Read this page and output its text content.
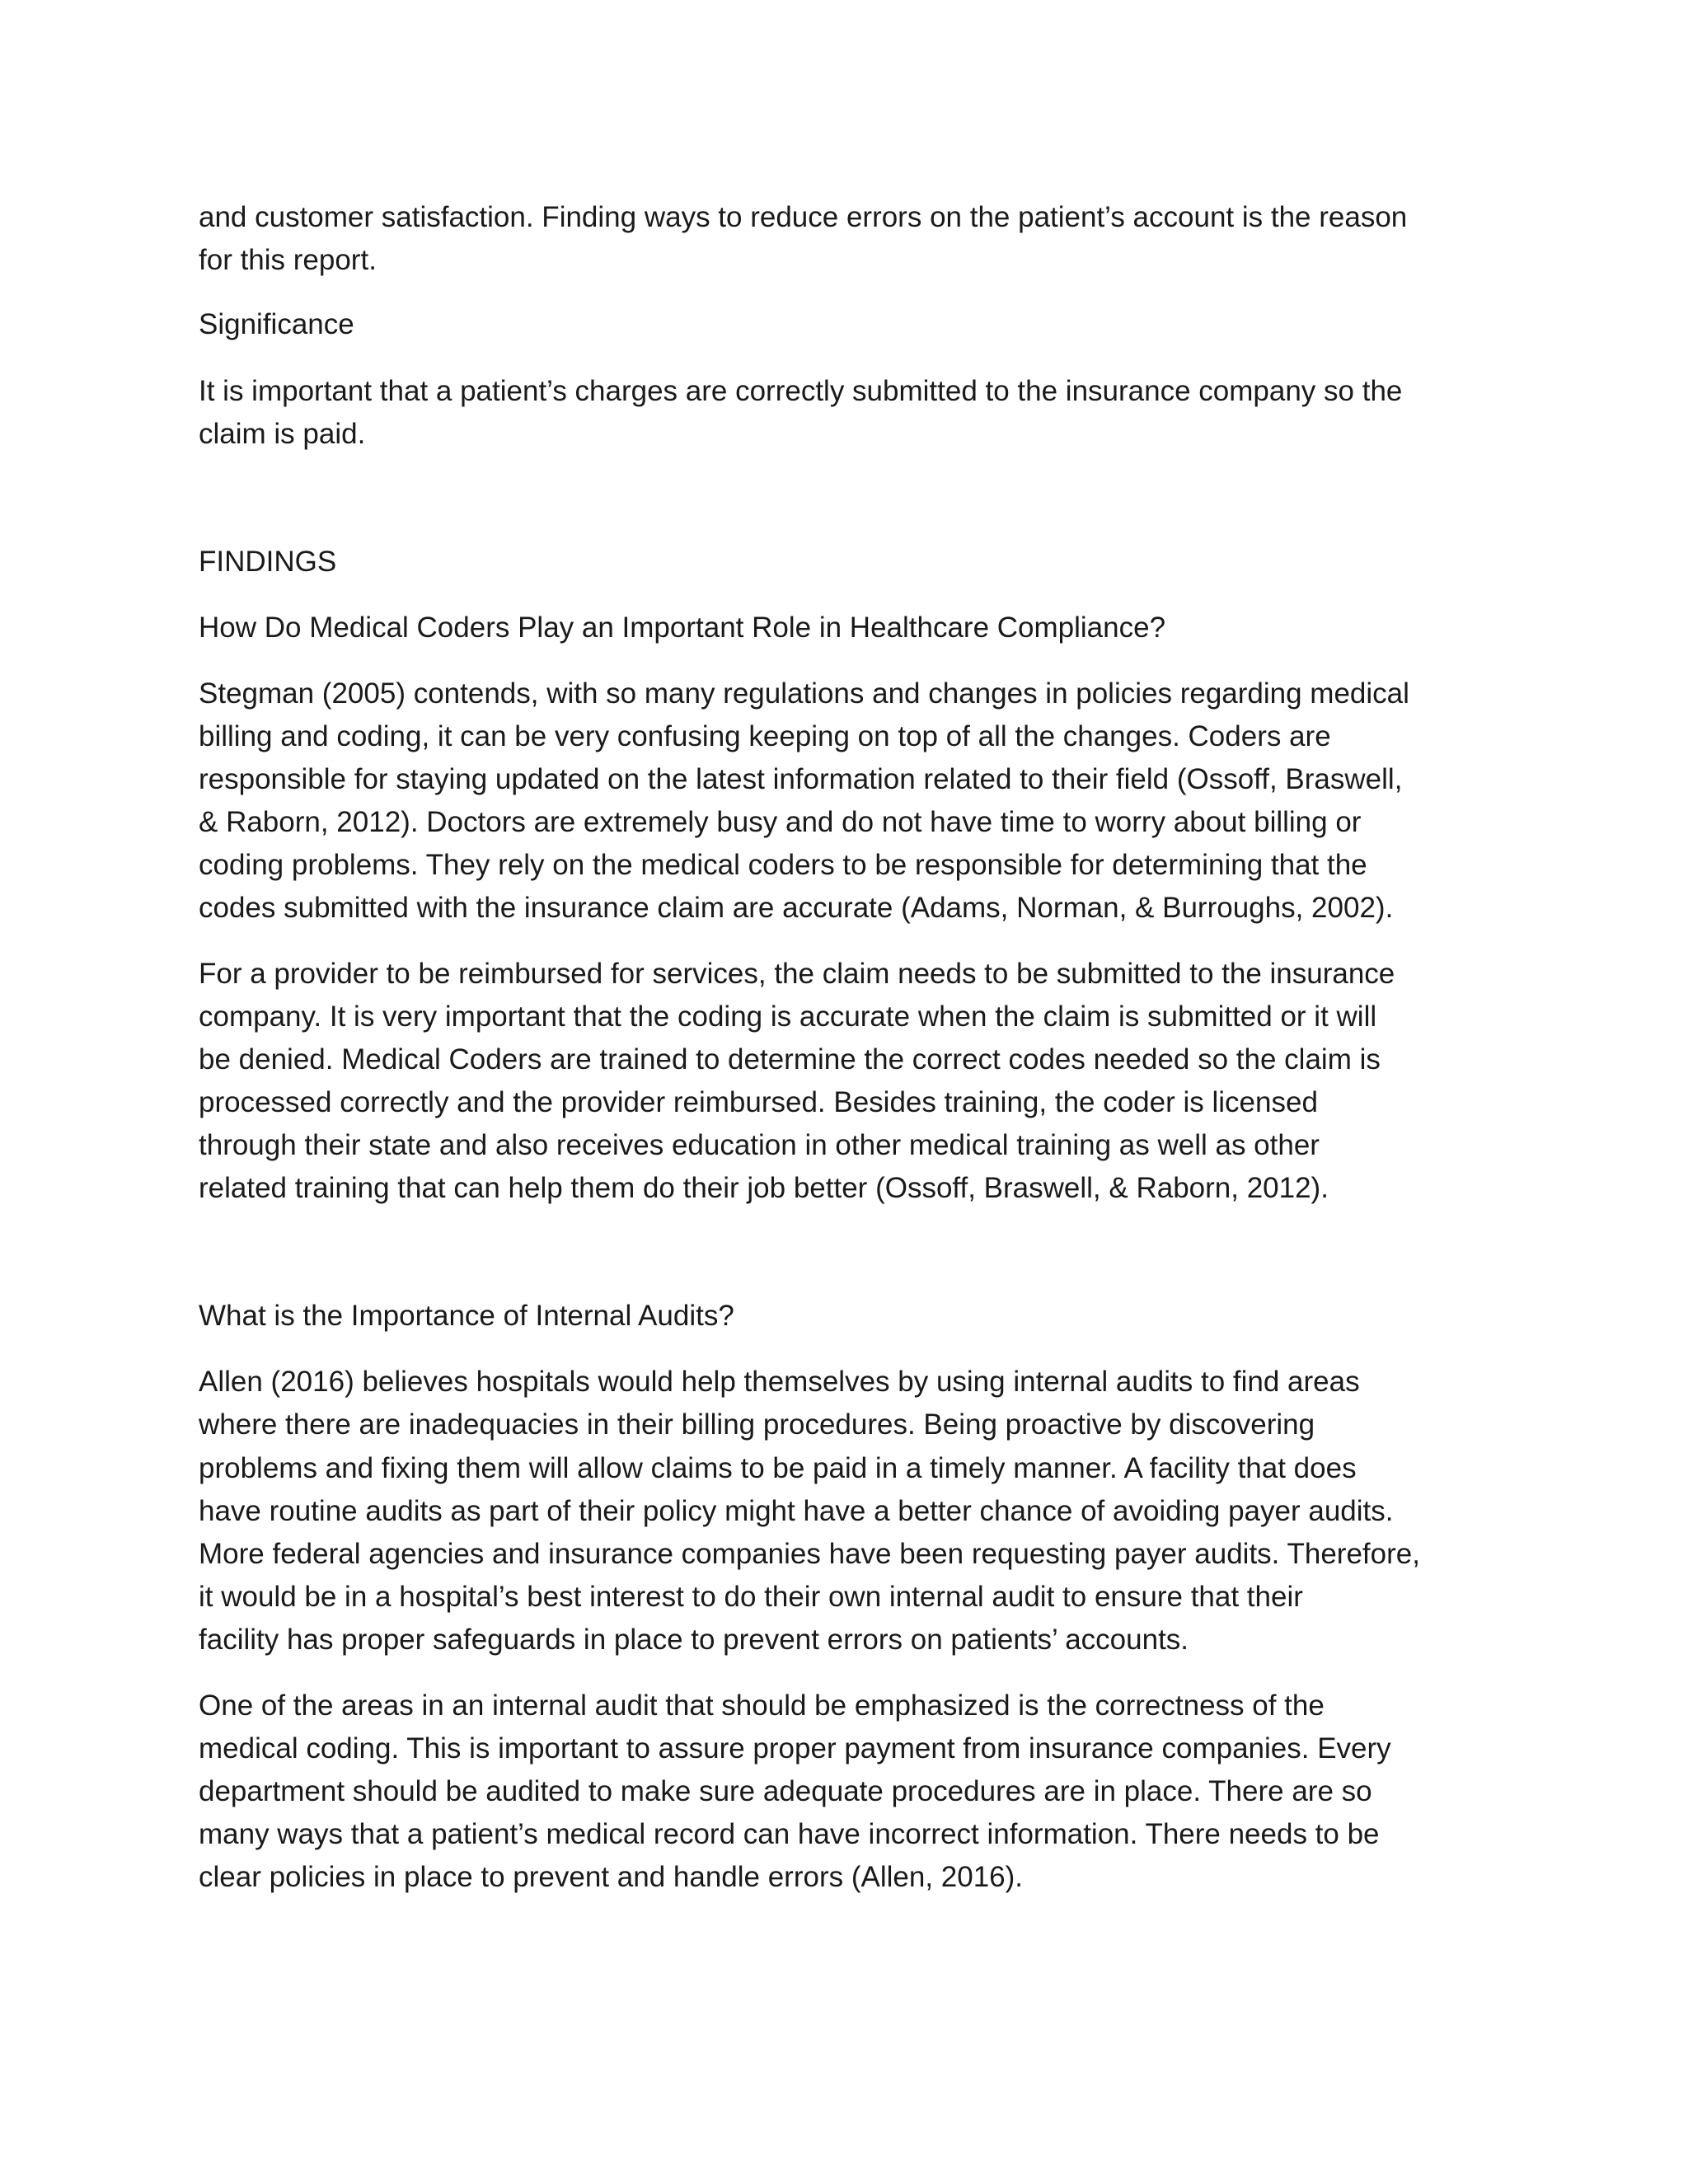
and customer satisfaction. Finding ways to reduce errors on the patient’s account is the reason

for this report.

Significance

It is important that a patient’s charges are correctly submitted to the insurance company so the

claim is paid.

FINDINGS

How Do Medical Coders Play an Important Role in Healthcare Compliance?

Stegman (2005) contends, with so many regulations and changes in policies regarding medical

billing and coding, it can be very confusing keeping on top of all the changes. Coders are

responsible for staying updated on the latest information related to their field (Ossoff, Braswell,

& Raborn, 2012). Doctors are extremely busy and do not have time to worry about billing or

coding problems. They rely on the medical coders to be responsible for determining that the

codes submitted with the insurance claim are accurate (Adams, Norman, & Burroughs, 2002).

For a provider to be reimbursed for services, the claim needs to be submitted to the insurance

company. It is very important that the coding is accurate when the claim is submitted or it will

be denied. Medical Coders are trained to determine the correct codes needed so the claim is

processed correctly and the provider reimbursed. Besides training, the coder is licensed

through their state and also receives education in other medical training as well as other

related training that can help them do their job better (Ossoff, Braswell, & Raborn, 2012).

What is the Importance of Internal Audits?

Allen (2016) believes hospitals would help themselves by using internal audits to find areas

where there are inadequacies in their billing procedures. Being proactive by discovering

problems and fixing them will allow claims to be paid in a timely manner. A facility that does

have routine audits as part of their policy might have a better chance of avoiding payer audits.

More federal agencies and insurance companies have been requesting payer audits. Therefore,

it would be in a hospital’s best interest to do their own internal audit to ensure that their

facility has proper safeguards in place to prevent errors on patients’ accounts.

One of the areas in an internal audit that should be emphasized is the correctness of the

medical coding. This is important to assure proper payment from insurance companies. Every

department should be audited to make sure adequate procedures are in place. There are so

many ways that a patient’s medical record can have incorrect information. There needs to be

clear policies in place to prevent and handle errors (Allen, 2016).
